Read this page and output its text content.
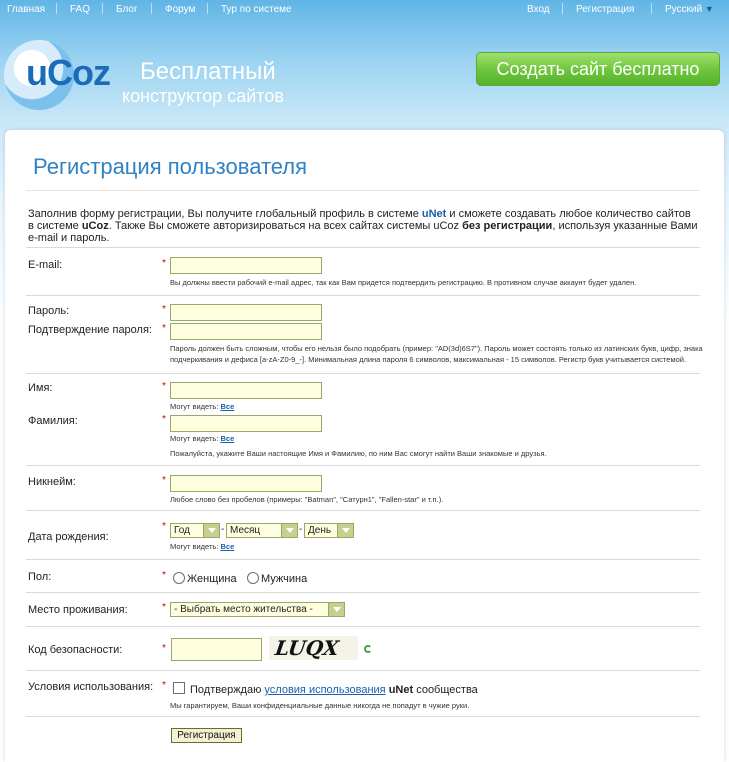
Главная FAQ	Блог	Форум	Тур по системе	Вход	Регистрация	Русский ▼
uCoz Бесплатный
конструктор сайтов
Создать сайт бесплатно
Регистрация пользователя
Заполнив форму регистрации, Вы получите глобальный профиль в системе uNet и сможете создавать любое количество сайтов в системе uCoz. Также Вы сможете авторизироваться на всех сайтах системы uCoz без регистрации, используя указанные Вами e-mail и пароль.
E-mail:	*
Вы должны ввести рабочий e-mail адрес, так как Вам придется подтвердить регистрацию. В противном случае аккаунт будет удален.
Пароль:	*
Подтверждение пароля: *
Пароль должен быть сложным, чтобы его нельзя было подобрать (пример: "AD(3d)6S7"). Пароль может состоять только из латинских букв, цифр, знака
подчеркивания и дефиса [a-zA-Z0-9_-]. Минимальная длина пароля 6 символов, максимальная - 15 символов. Регистр букв учитывается системой.
Имя:	*
Могут видеть: Все
Фамилия:	*
Могут видеть: Все
Пожалуйста, укажите Ваши настоящие Имя и Фамилию, по ним Вас смогут найти Ваши знакомые и друзья.
Никнейм:	*
Любое слово без пробелов (примеры: "Batman", "Сатурн1", "Fallen-star" и т.п.).
Дата рождения:
* Год	- Месяц	- День
Могут видеть: Все
Пол:	* Женщина Мужчина
Место проживания:	* - Выбрать место жительства -
Код безопасности:	*	LUQX
Условия использования: * Подтверждаю условия использования uNet сообщества
Мы гарантируем, Ваши конфиденциальные данные никогда не попадут в чужие руки.
Регистрация
